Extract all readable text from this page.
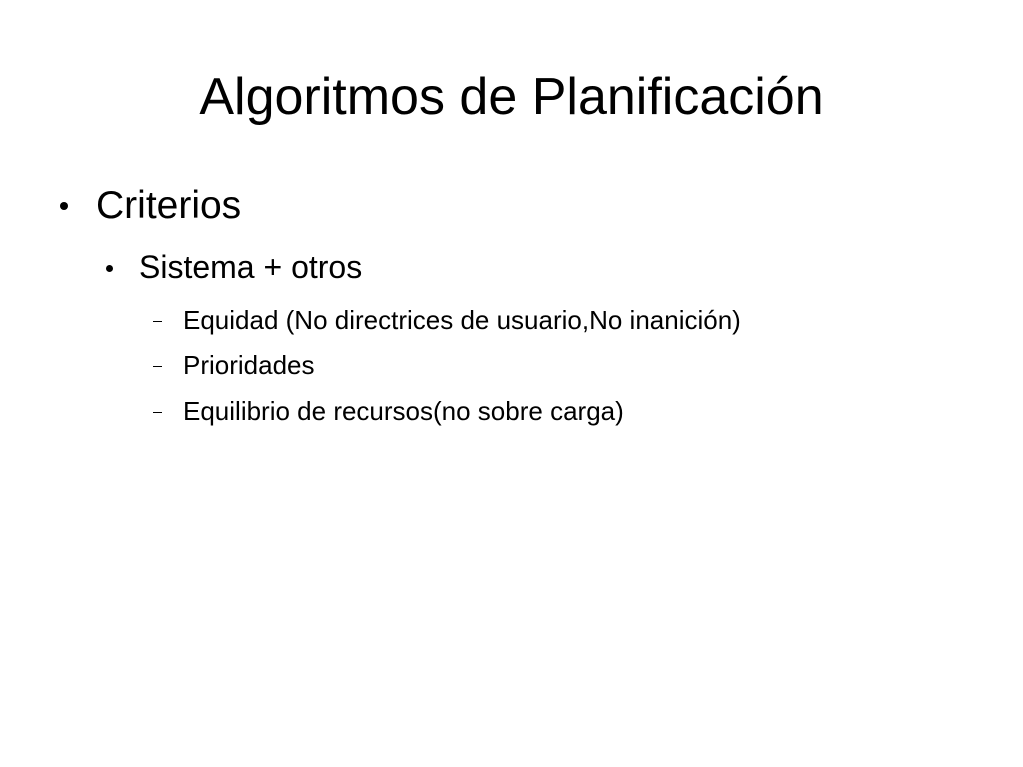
Algoritmos de Planificación
Criterios
Sistema + otros
Equidad (No directrices de usuario,No inanición)
Prioridades
Equilibrio de recursos(no sobre carga)
